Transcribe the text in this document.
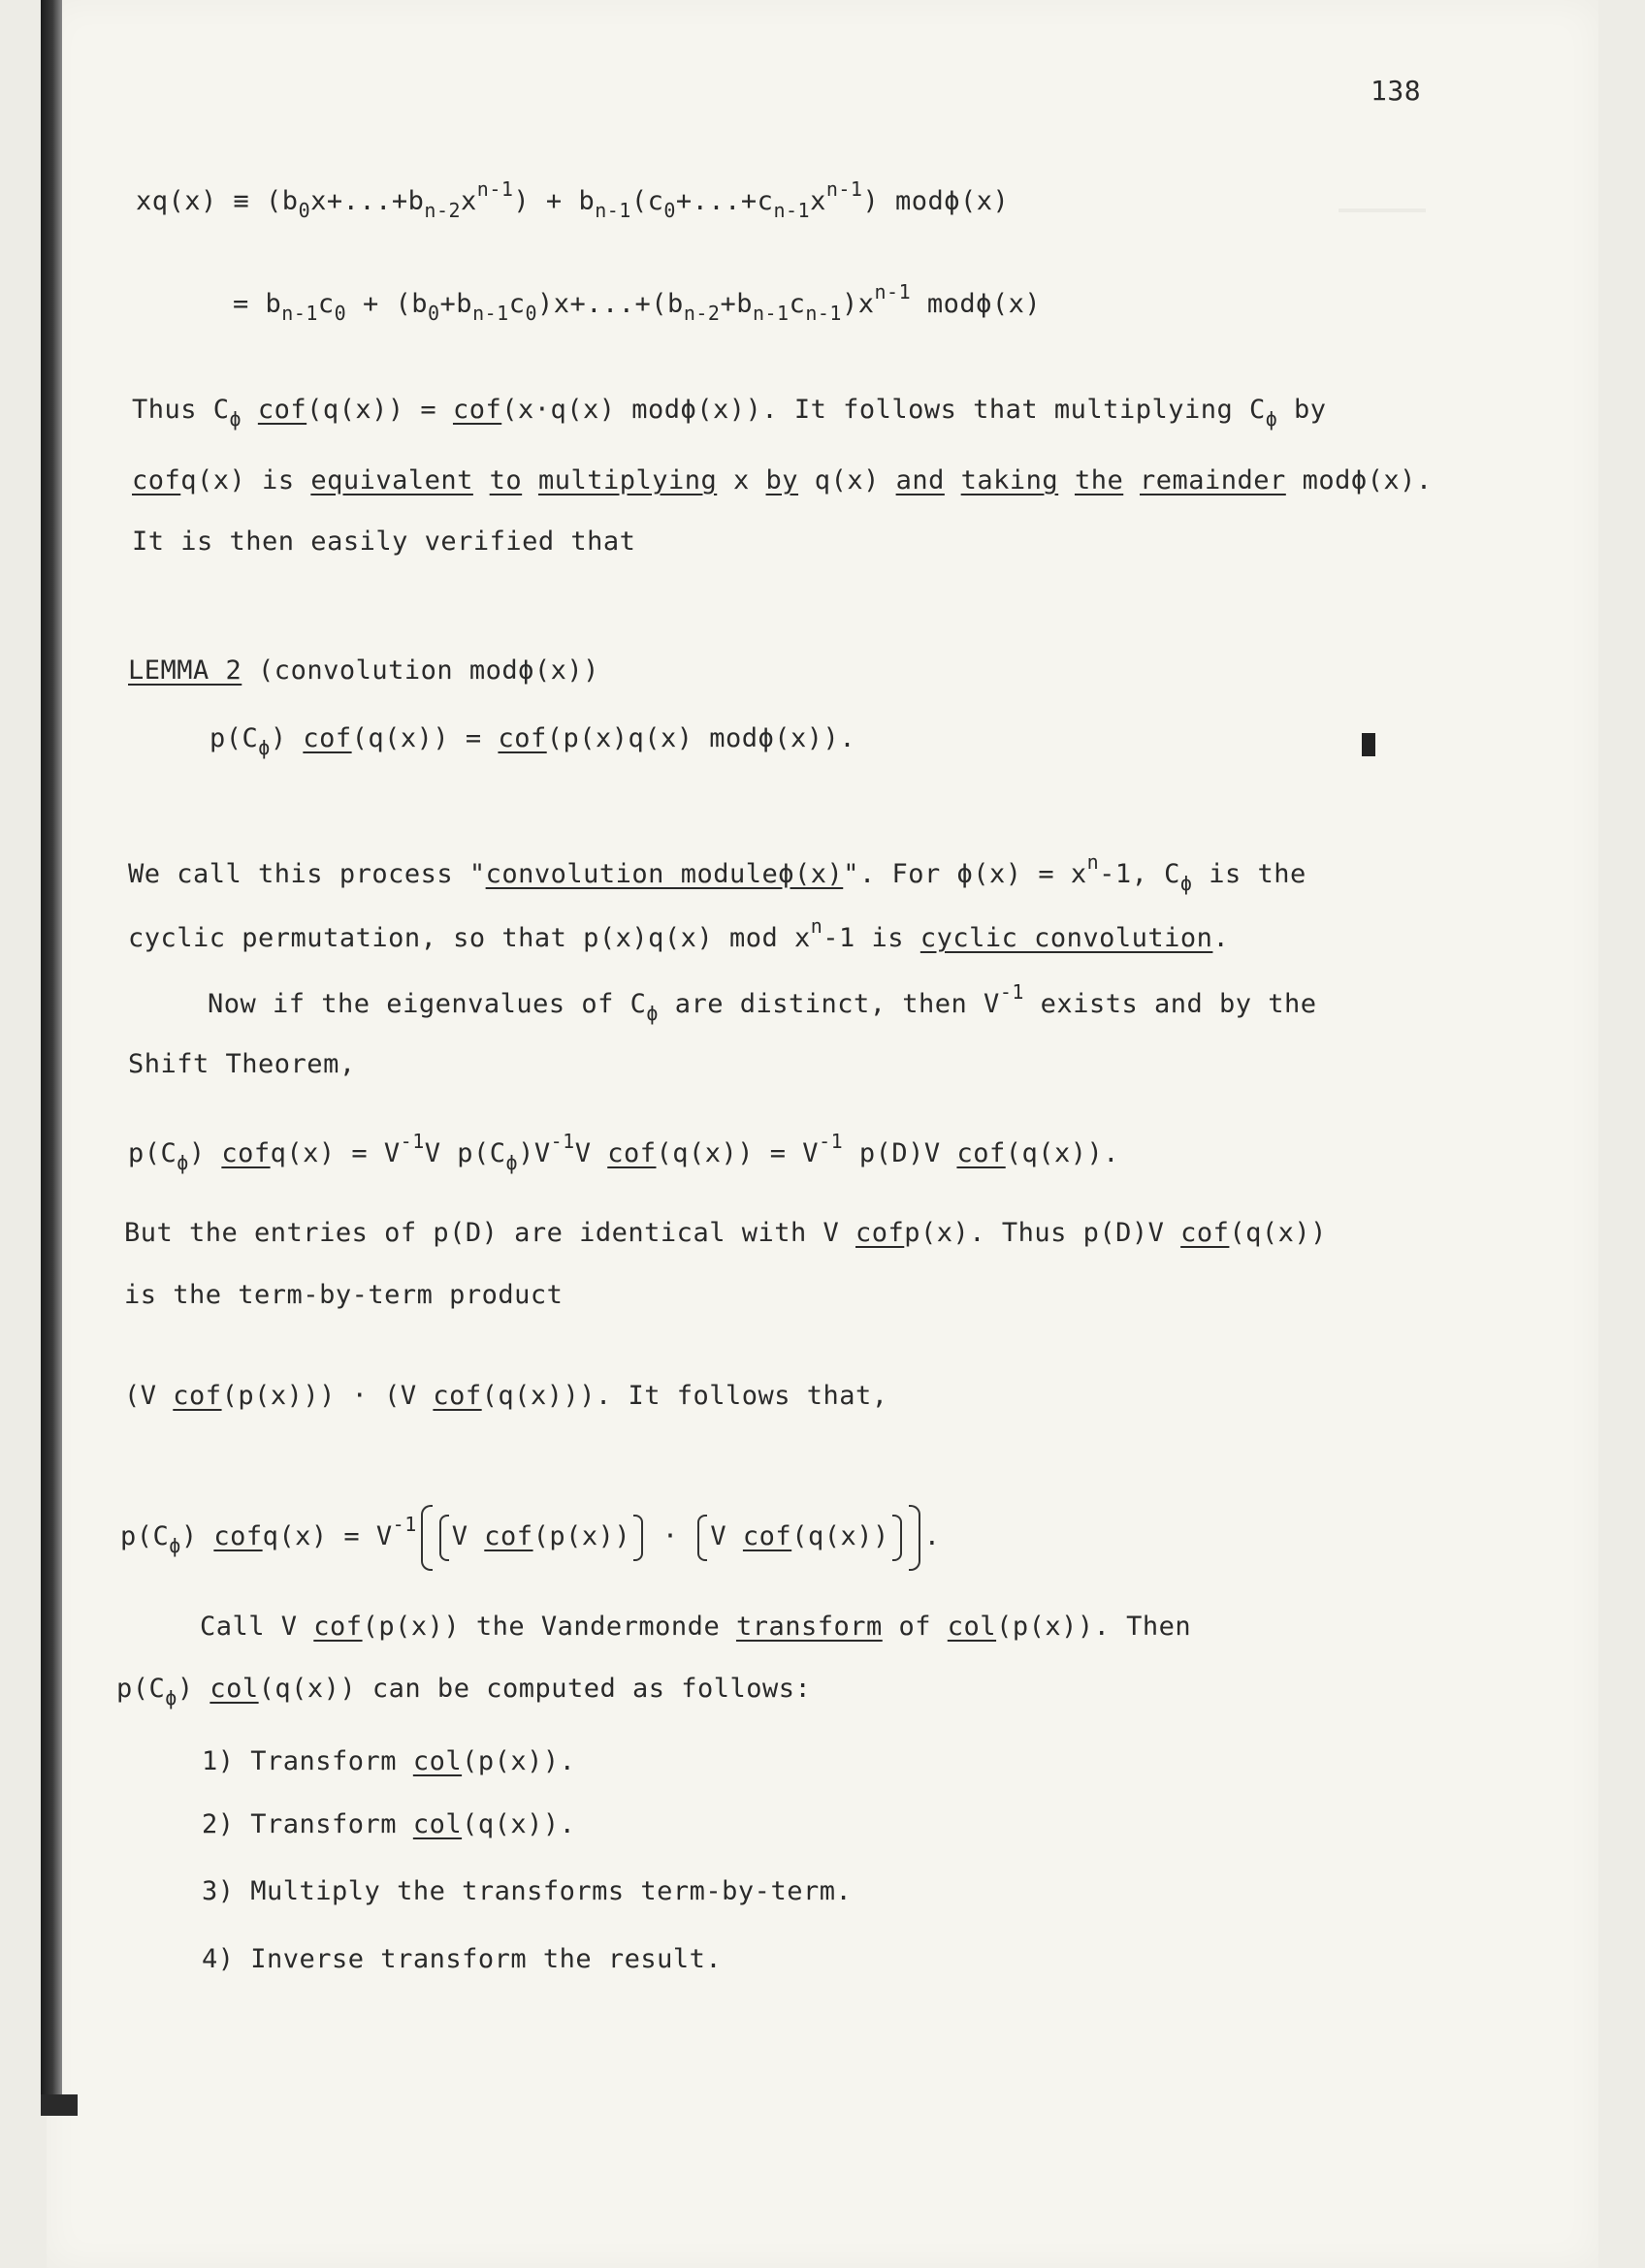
138
$xq(x) \equiv (b_0x+...+b_{n-2}x^{n-1}) + b_{n-1}(c_0+...+c_{n-1}x^{n-1})$ modϕ(x)
= $b_{n-1}c_0 + (b_0+b_{n-1}c_0)x+...+(b_{n-2}+b_{n-1}c_{n-1})x^{n-1}$ modϕ(x)
Thus $C_\phi$ cof(q(x)) = cof(x·q(x) modϕ(x)). It follows that multiplying $C_\phi$ by
cofq(x) is equivalent to multiplying x by q(x) and taking the remainder modϕ(x).
It is then easily verified that
LEMMA 2 (convolution modϕ(x))
$p(C_\phi) cof(q(x)) = cof(p(x)q(x)$ modϕ(x)).
We call this process "convolution moduleϕ(x)". For $\phi(x) = x^n-1$, $C_\phi$ is the
cyclic permutation, so that p(x)q(x) mod $x^n-1$ is cyclic convolution.
Now if the eigenvalues of $C_\phi$ are distinct, then $V^{-1}$ exists and by the
Shift Theorem,
$p(C_\phi)$ cofq(x) = $V^{-1}V$ $p(C_\phi)V^{-1}V$ $cof(q(x)) = V^{-1}$ p(D)V cof(q(x)).
But the entries of p(D) are identical with V cofp(x). Thus p(D)V cof(q(x))
is the term-by-term product
(V cof(p(x))) · (V cof(q(x))). It follows that,
$p(C_\phi)$ cofq(x) = $V^{-1}$ V cof(p(x)) · V cof(q(x)) .
Call V cof(p(x)) the Vandermonde transform of col(p(x)). Then
$p(C_\phi)$ col(q(x)) can be computed as follows:
1) Transform col(p(x)).
2) Transform col(q(x)).
3) Multiply the transforms term-by-term.
4) Inverse transform the result.
